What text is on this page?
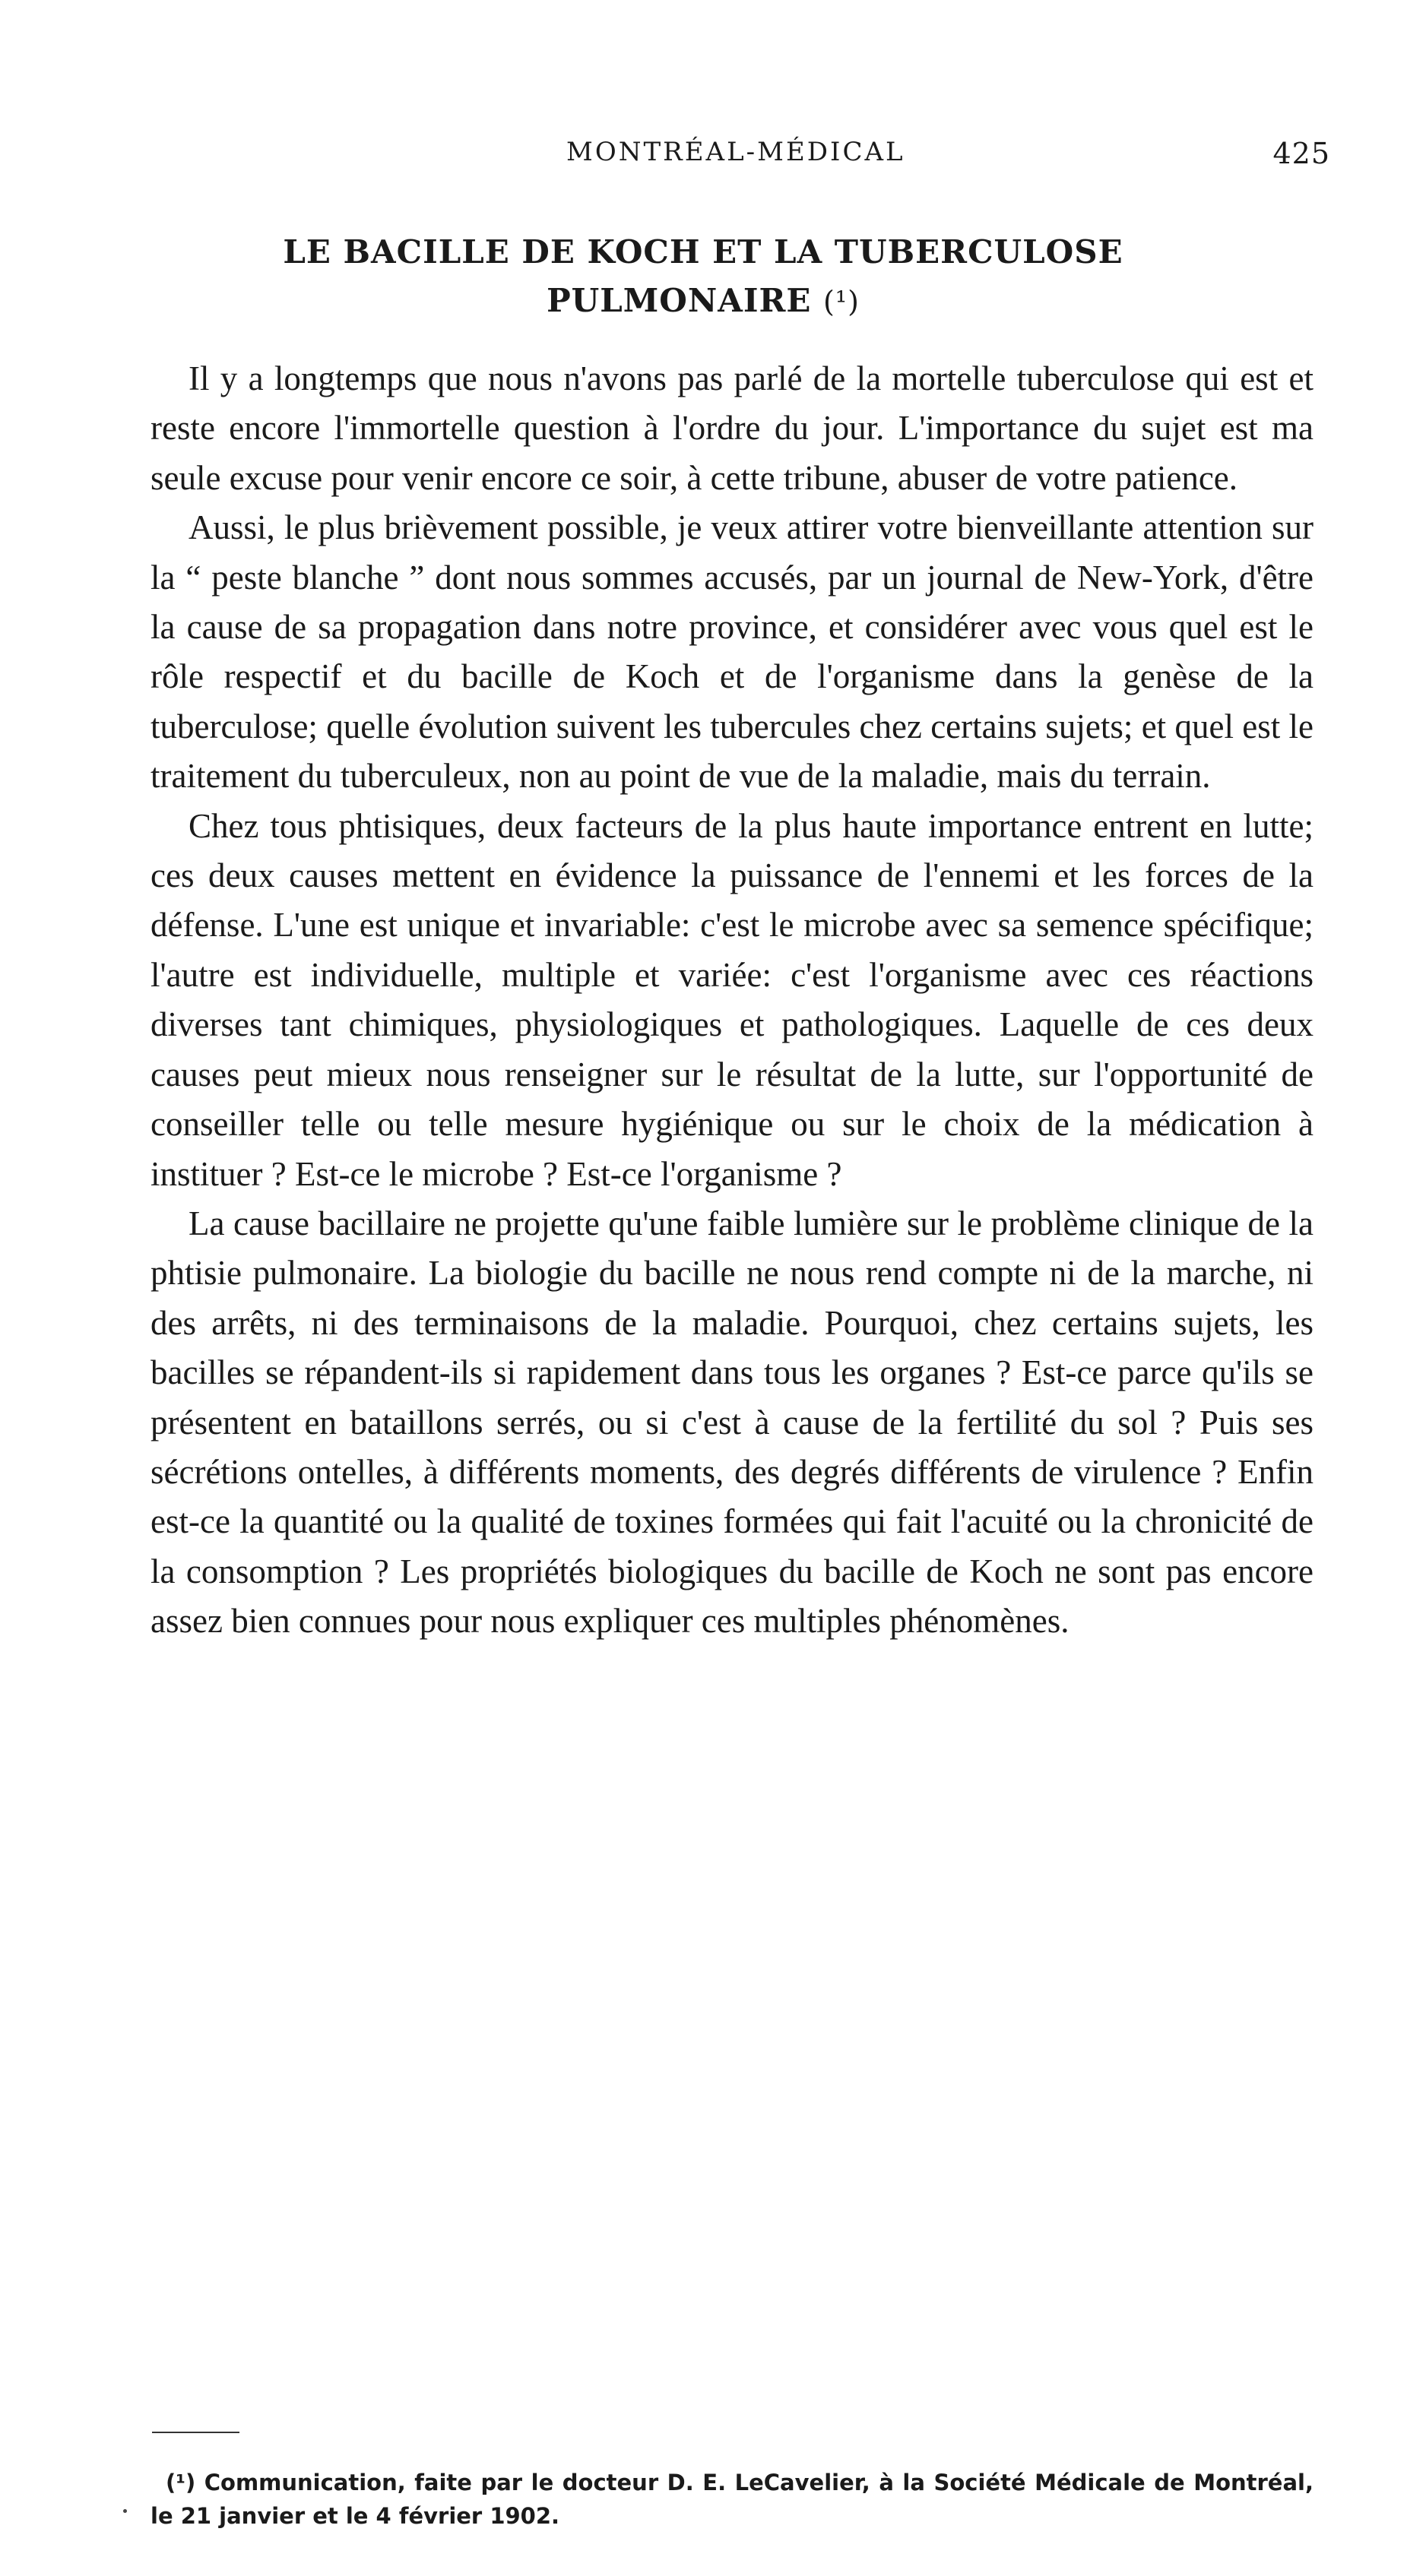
MONTRÉAL-MÉDICAL	425
LE BACILLE DE KOCH ET LA TUBERCULOSE
PULMONAIRE (¹)

Il y a longtemps que nous n'avons pas parlé de la mortelle tuberculose qui est et reste encore l'immortelle question à l'ordre du jour. L'importance du sujet est ma seule excuse pour venir encore ce soir, à cette tribune, abuser de votre patience.

Aussi, le plus brièvement possible, je veux attirer votre bienveillante attention sur la “ peste blanche ” dont nous sommes accusés, par un journal de New-York, d'être la cause de sa propagation dans notre province, et considérer avec vous quel est le rôle respectif et du bacille de Koch et de l'organisme dans la genèse de la tuberculose; quelle évolution suivent les tubercules chez certains sujets; et quel est le traitement du tuberculeux, non au point de vue de la maladie, mais du terrain.

Chez tous phtisiques, deux facteurs de la plus haute importance entrent en lutte; ces deux causes mettent en évidence la puissance de l'ennemi et les forces de la défense. L'une est unique et invariable: c'est le microbe avec sa semence spécifique; l'autre est individuelle, multiple et variée: c'est l'organisme avec ces réactions diverses tant chimiques, physiologiques et pathologiques. Laquelle de ces deux causes peut mieux nous renseigner sur le résultat de la lutte, sur l'opportunité de conseiller telle ou telle mesure hygiénique ou sur le choix de la médication à instituer ? Est-ce le microbe ? Est-ce l'organisme ?

La cause bacillaire ne projette qu'une faible lumière sur le problème clinique de la phtisie pulmonaire. La biologie du bacille ne nous rend compte ni de la marche, ni des arrêts, ni des terminaisons de la maladie. Pourquoi, chez certains sujets, les bacilles se répandent-ils si rapidement dans tous les organes ? Est-ce parce qu'ils se présentent en bataillons serrés, ou si c'est à cause de la fertilité du sol ? Puis ses sécrétions ontelles, à différents moments, des degrés différents de virulence ? Enfin est-ce la quantité ou la qualité de toxines formées qui fait l'acuité ou la chronicité de la consomption ? Les propriétés biologiques du bacille de Koch ne sont pas encore assez bien connues pour nous expliquer ces multiples phénomènes.

(¹) Communication, faite par le docteur D. E. LeCavelier, à la Société Médicale de Montréal, le 21 janvier et le 4 février 1902.
